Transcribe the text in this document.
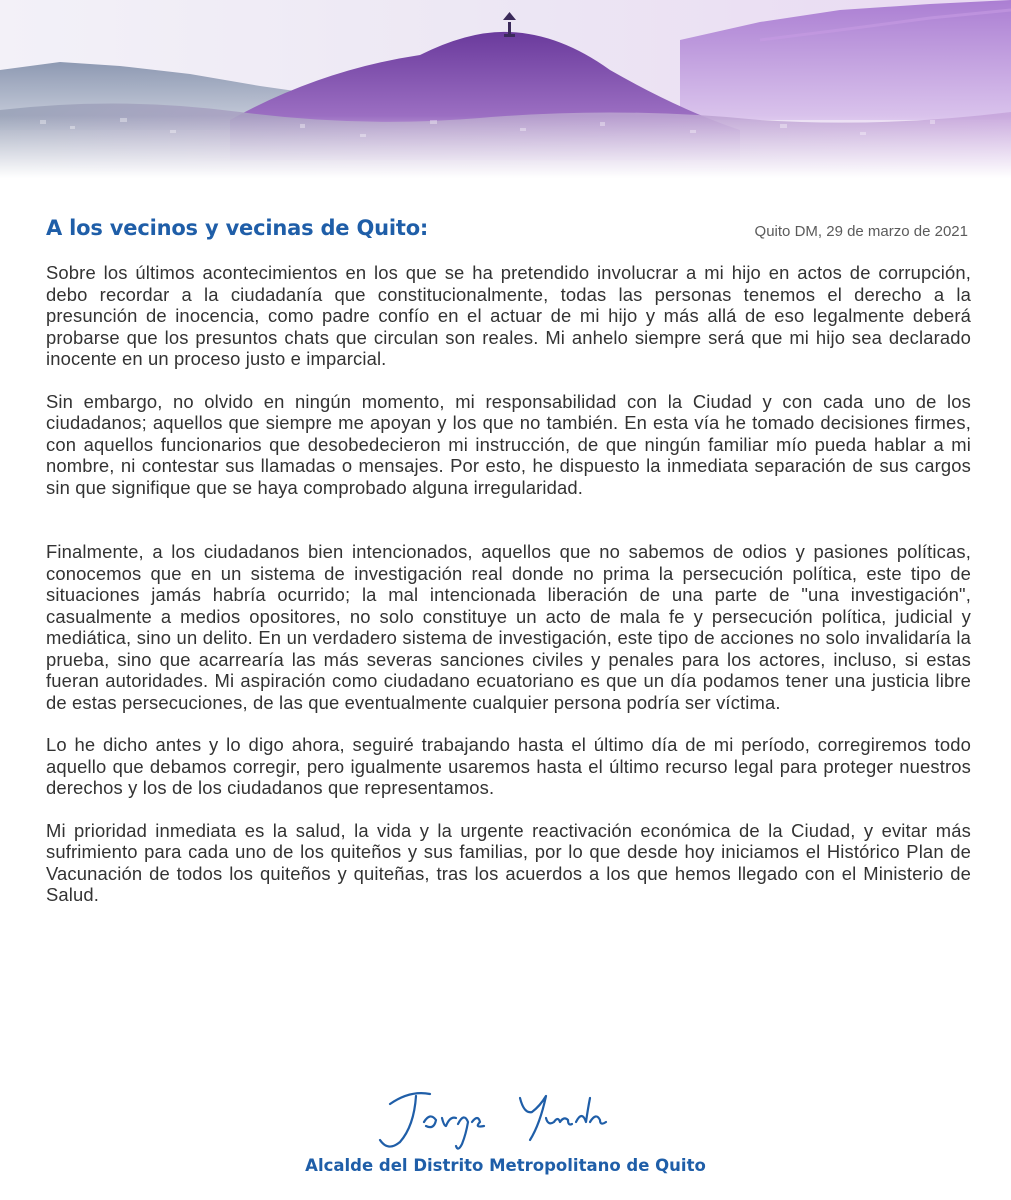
A los vecinos y vecinas de Quito:	Quito DM, 29 de marzo de 2021

Sobre los últimos acontecimientos en los que se ha pretendido involucrar a mi hijo en actos de corrupción, debo recordar a la ciudadanía que constitucionalmente, todas las personas tenemos el derecho a la presunción de inocencia, como padre confío en el actuar de mi hijo y más allá de eso legalmente deberá probarse que los presuntos chats que circulan son reales. Mi anhelo siempre será que mi hijo sea declarado inocente en un proceso justo e imparcial.

Sin embargo, no olvido en ningún momento, mi responsabilidad con la Ciudad y con cada uno de los ciudadanos; aquellos que siempre me apoyan y los que no también. En esta vía he tomado decisiones firmes, con aquellos funcionarios que desobedecieron mi instrucción, de que ningún familiar mío pueda hablar a mi nombre, ni contestar sus llamadas o mensajes. Por esto, he dispuesto la inmediata separación de sus cargos sin que signifique que se haya comprobado alguna irregularidad.

Finalmente, a los ciudadanos bien intencionados, aquellos que no sabemos de odios y pasiones políticas, conocemos que en un sistema de investigación real donde no prima la persecución política, este tipo de situaciones jamás habría ocurrido; la mal intencionada liberación de una parte de "una investigación", casualmente a medios opositores, no solo constituye un acto de mala fe y persecución política, judicial y mediática, sino un delito. En un verdadero sistema de investigación, este tipo de acciones no solo invalidaría la prueba, sino que acarrearía las más severas sanciones civiles y penales para los actores, incluso, si estas fueran autoridades. Mi aspiración como ciudadano ecuatoriano es que un día podamos tener una justicia libre de estas persecuciones, de las que eventualmente cualquier persona podría ser víctima.

Lo he dicho antes y lo digo ahora, seguiré trabajando hasta el último día de mi período, corregiremos todo aquello que debamos corregir, pero igualmente usaremos hasta el último recurso legal para proteger nuestros derechos y los de los ciudadanos que representamos.

Mi prioridad inmediata es la salud, la vida y la urgente reactivación económica de la Ciudad, y evitar más sufrimiento para cada uno de los quiteños y sus familias, por lo que desde hoy iniciamos el Histórico Plan de Vacunación de todos los quiteños y quiteñas, tras los acuerdos a los que hemos llegado con el Ministerio de Salud.

Alcalde del Distrito Metropolitano de Quito
